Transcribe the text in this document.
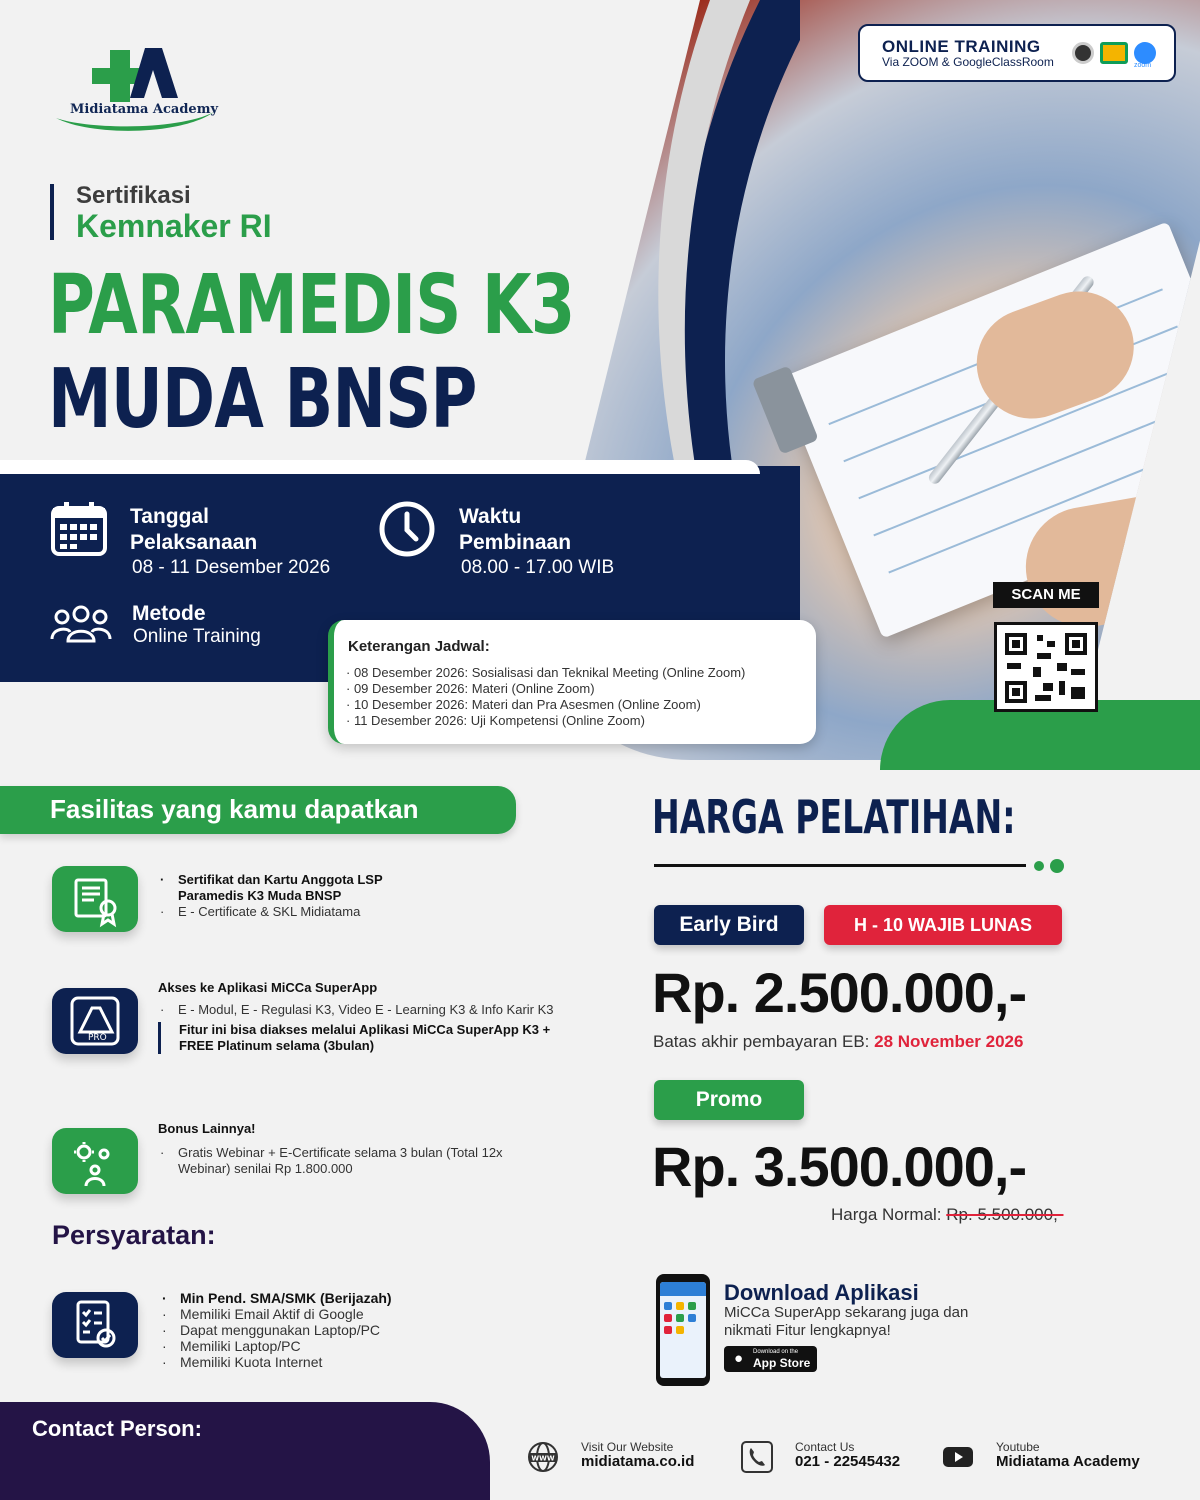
Midiatama Academy
ONLINE TRAINING
Via ZOOM & GoogleClassRoom	zoom
Sertifikasi
Kemnaker RI
PARAMEDIS K3
MUDA BNSP
Tanggal
Pelaksanaan
08 - 11 Desember 2026
Waktu
Pembinaan
08.00 - 17.00 WIB
Metode
Online Training	Keterangan Jadwal:
· 08 Desember 2026: Sosialisasi dan Teknikal Meeting (Online Zoom)
· 09 Desember 2026: Materi (Online Zoom)
· 10 Desember 2026: Materi dan Pra Asesmen (Online Zoom)
· 11 Desember 2026: Uji Kompetensi (Online Zoom)
SCAN ME
Fasilitas yang kamu dapatkan
· Sertifikat dan Kartu Anggota LSP
Paramedis K3 Muda BNSP
· E - Certificate & SKL Midiatama
PRO
Akses ke Aplikasi MiCCa SuperApp
· E - Modul, E - Regulasi K3, Video E - Learning K3 & Info Karir K3
Fitur ini bisa diakses melalui Aplikasi MiCCa SuperApp K3 + FREE Platinum selama (3bulan)
Bonus Lainnya!
· Gratis Webinar + E-Certificate selama 3 bulan (Total 12x Webinar) senilai Rp 1.800.000
Persyaratan:
· Min Pend. SMA/SMK (Berijazah)
· Memiliki Email Aktif di Google
· Dapat menggunakan Laptop/PC
· Memiliki Laptop/PC
· Memiliki Kuota Internet
HARGA PELATIHAN:
Early Bird	H - 10 WAJIB LUNAS
Rp. 2.500.000,-
Batas akhir pembayaran EB: 28 November 2026
Promo
Rp. 3.500.000,-
Harga Normal: Rp. 5.500.000,-
Download Aplikasi
MiCCa SuperApp sekarang juga dan nikmati Fitur lengkapnya!
● Download on the
App Store
Contact Person:
WWW
Visit Our Website
midiatama.co.id
Contact Us
021 - 22545432
Youtube
Midiatama Academy
